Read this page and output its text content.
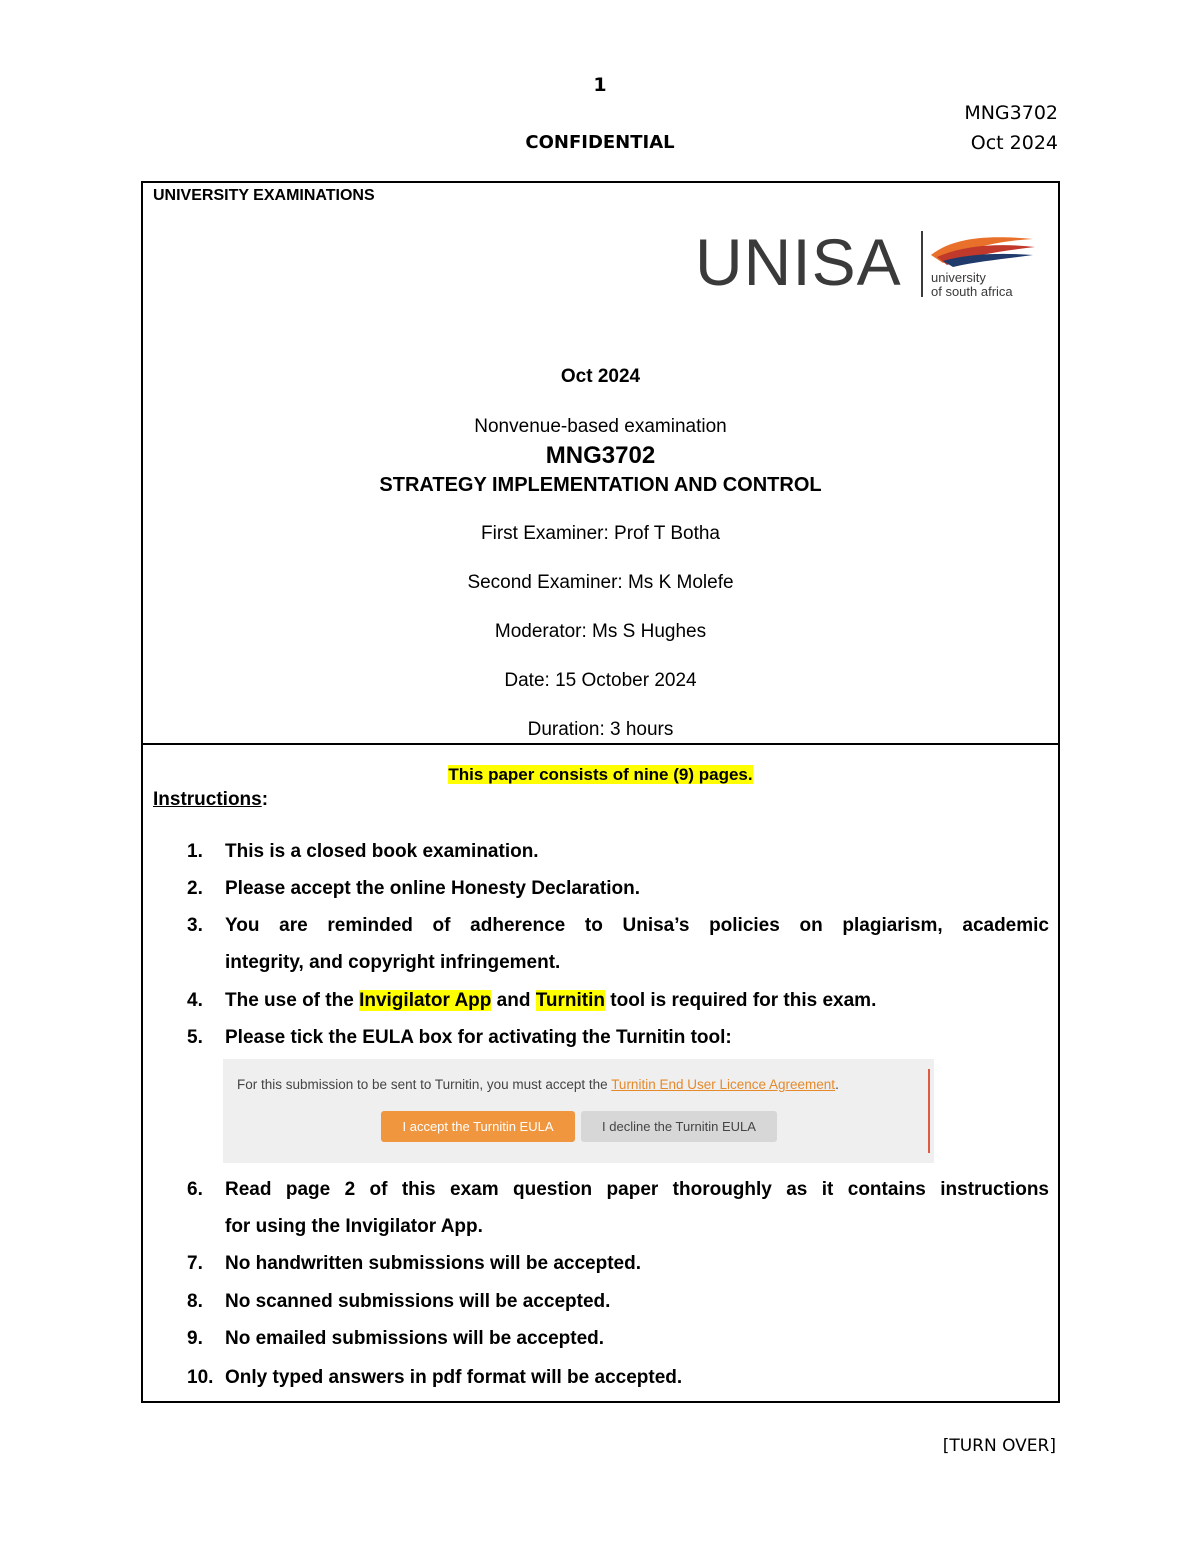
1
MNG3702
CONFIDENTIAL	Oct 2024
UNIVERSITY EXAMINATIONS
UNISA university
of south africa
Oct 2024
Nonvenue-based examination
MNG3702
STRATEGY IMPLEMENTATION AND CONTROL
First Examiner: Prof T Botha
Second Examiner: Ms K Molefe
Moderator: Ms S Hughes
Date: 15 October 2024
Duration: 3 hours
This paper consists of nine (9) pages.
Instructions:
1.	This is a closed book examination.
2.	Please accept the online Honesty Declaration.
3.	You are reminded of adherence to Unisa’s policies on plagiarism, academic
integrity, and copyright infringement.
4.	The use of the Invigilator App and Turnitin tool is required for this exam.
5.	Please tick the EULA box for activating the Turnitin tool:
For this submission to be sent to Turnitin, you must accept the Turnitin End User Licence Agreement.
I accept the Turnitin EULA	I decline the Turnitin EULA
6.	Read page 2 of this exam question paper thoroughly as it contains instructions
for using the Invigilator App.
7.	No handwritten submissions will be accepted.
8.	No scanned submissions will be accepted.
9.	No emailed submissions will be accepted.
10. Only typed answers in pdf format will be accepted.
[TURN OVER]
